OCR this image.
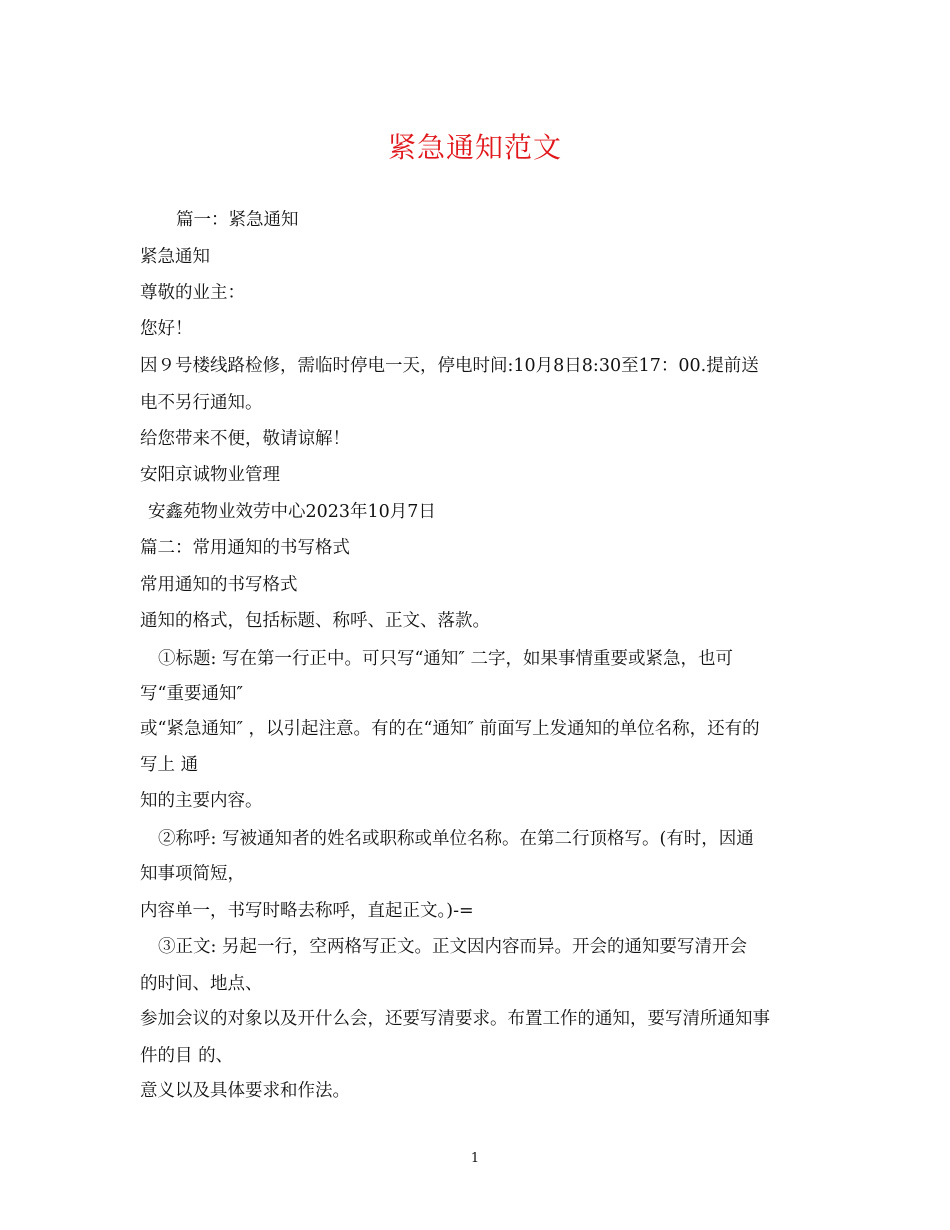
紧急通知范文
篇一：紧急通知
紧急通知
尊敬的业主：
您好！
因９号楼线路检修，需临时停电一天，停电时间:10月8日8:30至17：00.提前送
电不另行通知。
给您带来不便，敬请谅解！
安阳京诚物业管理
安鑫苑物业效劳中心2023年10月7日
篇二：常用通知的书写格式
常用通知的书写格式
通知的格式，包括标题、称呼、正文、落款。
①标题: 写在第一行正中。可只写“通知″ 二字，如果事情重要或紧急，也可
写“重要通知″
或“紧急通知″ ，以引起注意。有的在“通知″ 前面写上发通知的单位名称，还有的
写上 通
知的主要内容。
②称呼: 写被通知者的姓名或职称或单位名称。在第二行顶格写。(有时，因通
知事项简短，
内容单一，书写时略去称呼，直起正文。)-=
③正文: 另起一行，空两格写正文。正文因内容而异。开会的通知要写清开会
的时间、地点、
参加会议的对象以及开什么会，还要写清要求。布置工作的通知，要写清所通知事
件的目 的、
意义以及具体要求和作法。
1
